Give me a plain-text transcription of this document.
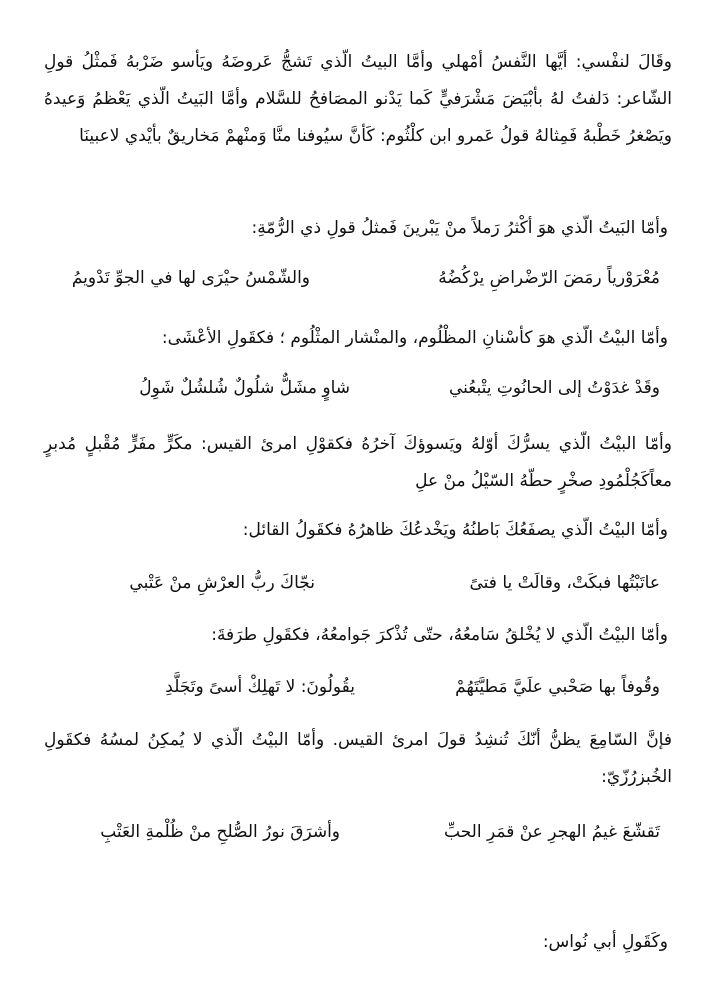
وقَالَ لنفْسي: أيَّها النَّفسُ أمْهلي وأمَّا البيتُ الّذي تَشجُّ عَروضَهُ ويَأسو ضَرْبهُ فَمثْلُ قولِ الشّاعر: دَلفتُ لهُ بأبْيَضَ مَشْرَفيٍّ كَما يَدْنو المصَافحُ للسَّلام وأمَّا البَيتُ الّذي يَعْظمُ وَعيدهُ ويَصْغرُ خَطْبهُ فَمِثالهُ قولُ عَمرو ابن كلْثُوم: كَأنَّ سيُوفنا منَّا وَمنْهمْ مَخاريقٌ بأيْدي لاعبينَا

وأمّا البَيتُ الّذي هوَ أكْثرُ رَملاً منْ يَبْرينَ فَمثلُ قولِ ذي الرُّمّةِ:

مُعْرَوْرياً رمَضَ الرّضْراضِ يرْكُضُهُ
والشّمْسُ حيْرَى لها في الجوِّ تَدْويمُ

وأمّا البيْتُ الّذي هوَ كأسْنانِ المظْلُوم، والمنْشار المثْلُوم ؛ فكقَولِ الأعْشَى:

وقَدْ غدَوْتُ إلى الحانُوتِ يتْبعُني
شاوٍ مشَلٌّ شلُولٌ شُلشُلٌ شَوِلُ

وأمّا البيْتُ الّذي يسرُّكَ أوّلهُ ويَسوؤكَ آخرُهُ فكقوْلِ امرئ القيس: مكَرٍّ مفَرٍّ مُقْبلٍ مُدبرٍ معاًكَجُلْمُودِ صخْرٍ حطّهُ السّيْلُ منْ علِ

وأمّا البيْتُ الّذي يصفَعُكَ بَاطنُهُ ويَخْدعُكَ ظاهرُهُ فكقَولُ القائل:

عاتَبْتُها فبكَتْ، وقالَتْ يا فتىً
نجّاكَ ربُّ العرْشِ منْ عَتْبي

وأمّا البيْتُ الّذي لا يُخْلقُ سَامعُهُ، حتّى تُذْكرَ جَوامعُهُ، فكقَولِ طرَفةَ:

وقُوفاً بها صَحْبي علَيَّ مَطيَّتَهُمْ
يقُولُونَ: لا تَهلِكْ أسىً وتَجَلَّدِ

فإنَّ السّامِعَ يظنُّ أنّكَ تُنشِدُ قولَ امرئ القيس. وأمّا البيْتُ الّذي لا يُمكِنُ لمسُهُ فكقَولِ الخُبزرُزّيّ:

تَقشّعَ غيمُ الهجرِ عنْ قمَرِ الحبِّ
وأشرَقَ نورُ الصُّلحِ منْ ظُلْمةِ العَتْبِ

وكَقَولِ أبي نُواس:
